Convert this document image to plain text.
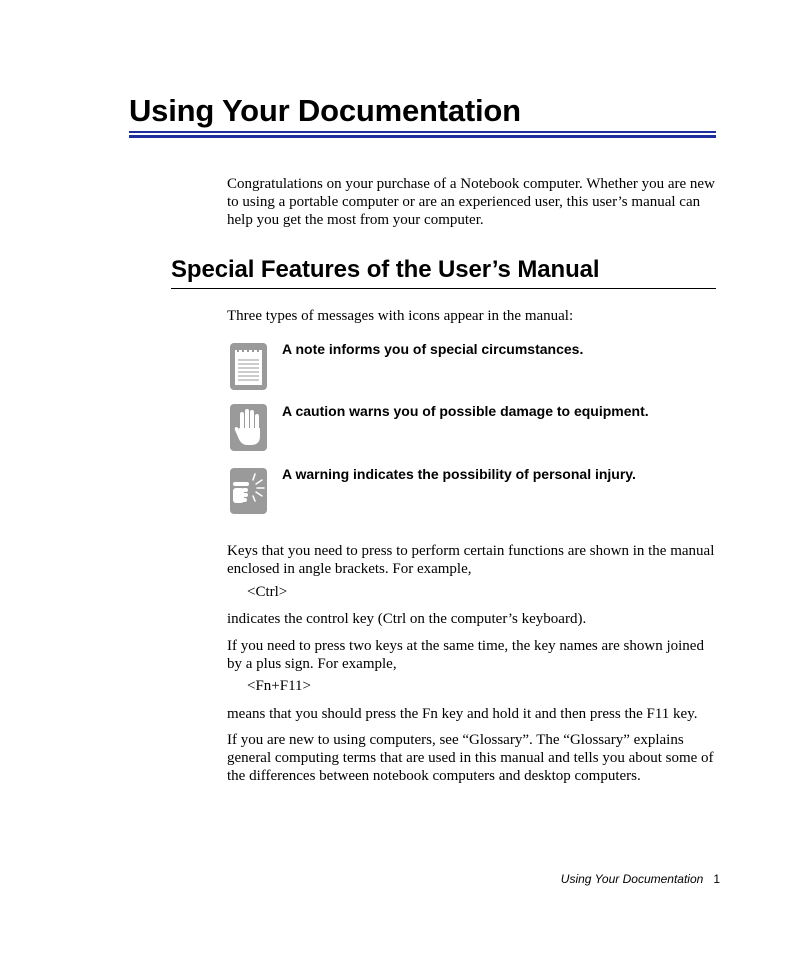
Using Your Documentation

Congratulations on your purchase of a Notebook computer. Whether you are new to using a portable computer or are an experienced user, this user’s manual can help you get the most from your computer.

Special Features of the User’s Manual

Three types of messages with icons appear in the manual:

A note informs you of special circumstances.

A caution warns you of possible damage to equipment.

A warning indicates the possibility of personal injury.

Keys that you need to press to perform certain functions are shown in the manual enclosed in angle brackets. For example,

<Ctrl>

indicates the control key (Ctrl on the computer’s keyboard).

If you need to press two keys at the same time, the key names are shown joined by a plus sign. For example,

<Fn+F11>

means that you should press the Fn key and hold it and then press the F11 key.

If you are new to using computers, see “Glossary”. The “Glossary” explains general computing terms that are used in this manual and tells you about some of the differences between notebook computers and desktop computers.

Using Your Documentation 1
